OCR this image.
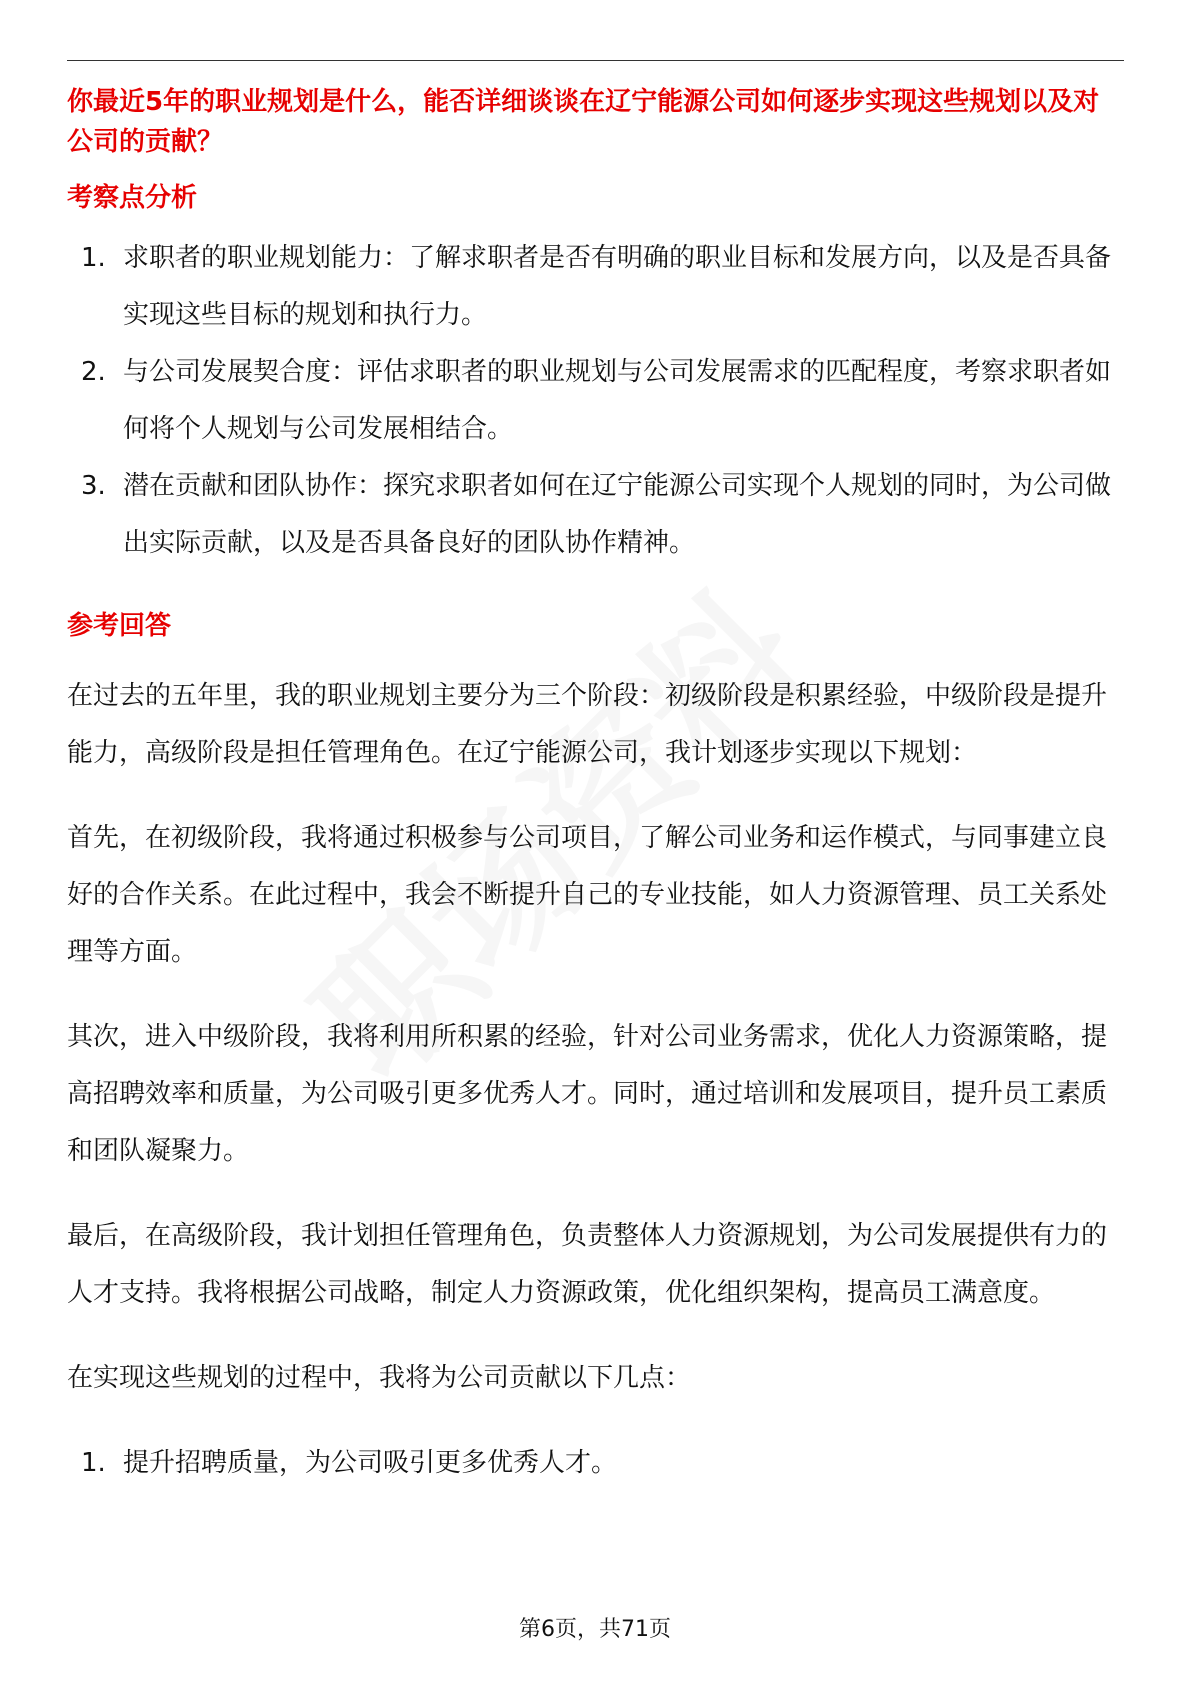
你最近5年的职业规划是什么，能否详细谈谈在辽宁能源公司如何逐步实现这些规划以及对公司的贡献？

考察点分析

1. 求职者的职业规划能力：了解求职者是否有明确的职业目标和发展方向，以及是否具备实现这些目标的规划和执行力。
2. 与公司发展契合度：评估求职者的职业规划与公司发展需求的匹配程度，考察求职者如何将个人规划与公司发展相结合。
3. 潜在贡献和团队协作：探究求职者如何在辽宁能源公司实现个人规划的同时，为公司做出实际贡献，以及是否具备良好的团队协作精神。

参考回答

在过去的五年里，我的职业规划主要分为三个阶段：初级阶段是积累经验，中级阶段是提升能力，高级阶段是担任管理角色。在辽宁能源公司，我计划逐步实现以下规划：

首先，在初级阶段，我将通过积极参与公司项目，了解公司业务和运作模式，与同事建立良好的合作关系。在此过程中，我会不断提升自己的专业技能，如人力资源管理、员工关系处理等方面。

其次，进入中级阶段，我将利用所积累的经验，针对公司业务需求，优化人力资源策略，提高招聘效率和质量，为公司吸引更多优秀人才。同时，通过培训和发展项目，提升员工素质和团队凝聚力。

最后，在高级阶段，我计划担任管理角色，负责整体人力资源规划，为公司发展提供有力的人才支持。我将根据公司战略，制定人力资源政策，优化组织架构，提高员工满意度。

在实现这些规划的过程中，我将为公司贡献以下几点：

1. 提升招聘质量，为公司吸引更多优秀人才。
第6页，共71页
